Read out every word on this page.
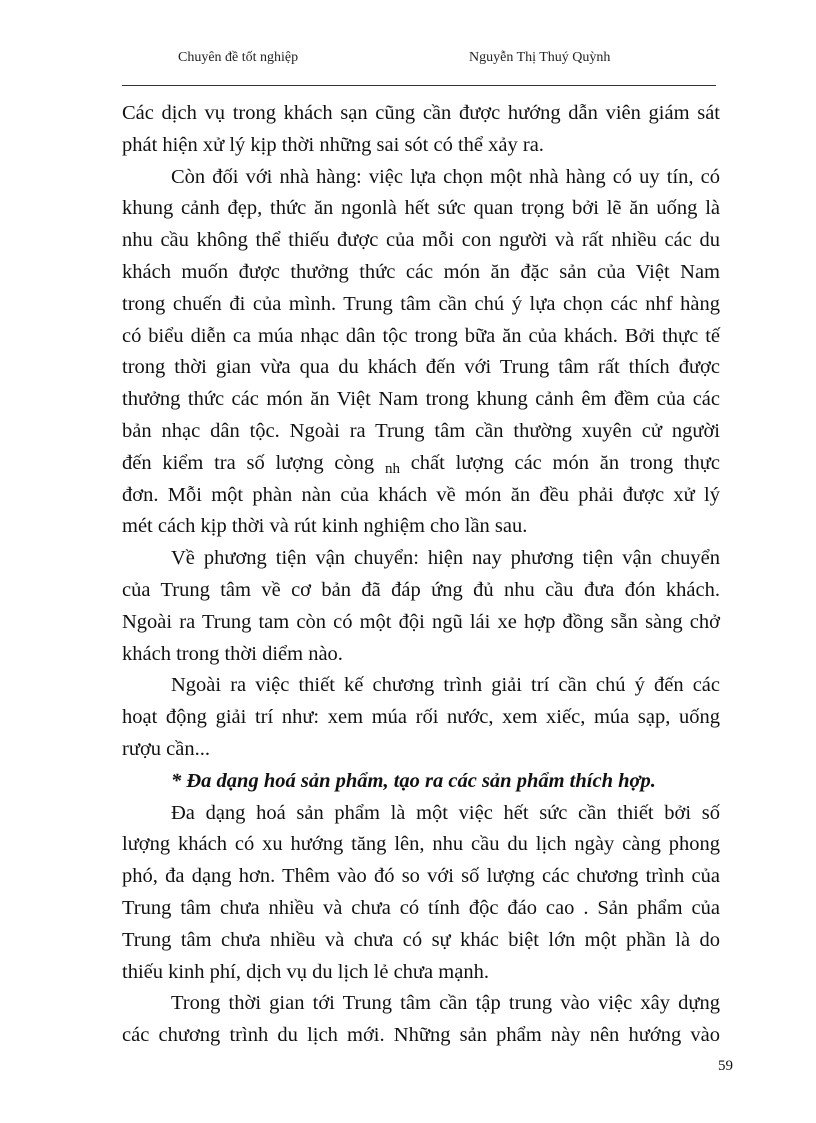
Chuyên đề tốt nghiệp	Nguyễn Thị Thuý Quỳnh
Các dịch vụ trong khách sạn cũng cần được hướng dẫn viên giám sát
phát hiện xử lý kịp thời những sai sót có thể xảy ra.
Còn đối với nhà hàng: việc lựa chọn một nhà hàng có uy tín, có
khung cảnh đẹp, thức ăn ngonlà hết sức quan trọng bởi lẽ ăn uống là
nhu cầu không thể thiếu được của mỗi con người và rất nhiều các du
khách muốn được thưởng thức các món ăn đặc sản của Việt Nam
trong chuến đi của mình. Trung tâm cần chú ý lựa chọn các nhf hàng
có biểu diễn ca múa nhạc dân tộc trong bữa ăn của khách. Bởi thực tế
trong thời gian vừa qua du khách đến với Trung tâm rất thích được
thưởng thức các món ăn Việt Nam trong khung cảnh êm đềm của các
bản nhạc dân tộc. Ngoài ra Trung tâm cần thường xuyên cử người
đến kiểm tra số lượng còng nh chất lượng các món ăn trong thực
đơn. Mỗi một phàn nàn của khách về món ăn đều phải được xử lý
mét cách kịp thời và rút kinh nghiệm cho lần sau.
Về phương tiện vận chuyển: hiện nay phương tiện vận chuyển
của Trung tâm về cơ bản đã đáp ứng đủ nhu cầu đưa đón khách.
Ngoài ra Trung tam còn có một đội ngũ lái xe hợp đồng sẵn sàng chở
khách trong thời diểm nào.
Ngoài ra việc thiết kế chương trình giải trí cần chú ý đến các
hoạt động giải trí như: xem múa rối nước, xem xiếc, múa sạp, uống
rượu cần...
* Đa dạng hoá sản phẩm, tạo ra các sản phẩm thích hợp.
Đa dạng hoá sản phẩm là một việc hết sức cần thiết bởi số
lượng khách có xu hướng tăng lên, nhu cầu du lịch ngày càng phong
phó, đa dạng hơn. Thêm vào đó so với số lượng các chương trình của
Trung tâm chưa nhiều và chưa có tính độc đáo cao . Sản phẩm của
Trung tâm chưa nhiều và chưa có sự khác biệt lớn một phần là do
thiếu kinh phí, dịch vụ du lịch lẻ chưa mạnh.
Trong thời gian tới Trung tâm cần tập trung vào việc xây dựng
các chương trình du lịch mới. Những sản phẩm này nên hướng vào
59
